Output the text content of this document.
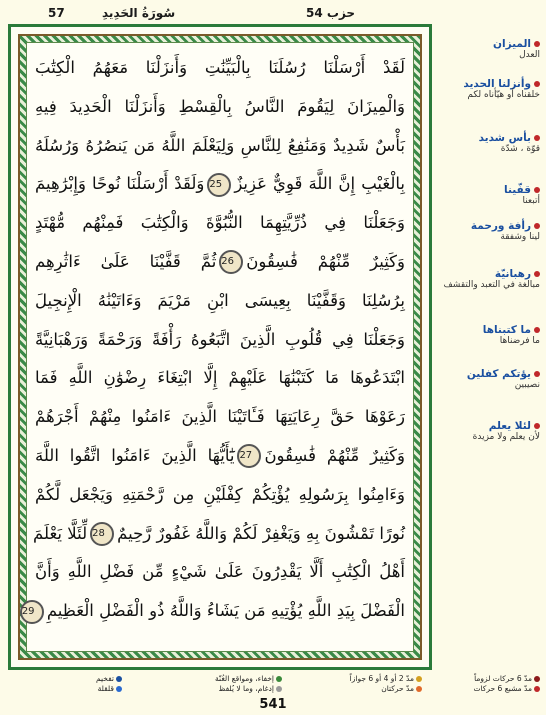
57	سُورَةُ الحَدِيدِ	حزب 54
لَقَدْ أَرْسَلْنَا رُسُلَنَا بِالْبَيِّنَٰتِ وَأَنزَلْنَا مَعَهُمُ الْكِتَٰبَ
وَالْمِيزَانَ لِيَقُومَ النَّاسُ بِالْقِسْطِ وَأَنزَلْنَا الْحَدِيدَ فِيهِ
بَأْسٌ شَدِيدٌ وَمَنَٰفِعُ لِلنَّاسِ وَلِيَعْلَمَ اللَّهُ مَن يَنصُرُهُ وَرُسُلَهُ
بِالْغَيْبِ إِنَّ اللَّهَ قَوِيٌّ عَزِيزٌ25وَلَقَدْ أَرْسَلْنَا نُوحًا وَإِبْرَٰهِيمَ
وَجَعَلْنَا فِي ذُرِّيَّتِهِمَا النُّبُوَّةَ وَالْكِتَٰبَ فَمِنْهُم مُّهْتَدٍ
وَكَثِيرٌ مِّنْهُمْ فَٰسِقُونَ26ثُمَّ قَفَّيْنَا عَلَىٰ ءَاثَٰرِهِم
بِرُسُلِنَا وَقَفَّيْنَا بِعِيسَى ابْنِ مَرْيَمَ وَءَاتَيْنَٰهُ الْإِنجِيلَ
وَجَعَلْنَا فِي قُلُوبِ الَّذِينَ اتَّبَعُوهُ رَأْفَةً وَرَحْمَةً وَرَهْبَانِيَّةً
ابْتَدَعُوهَا مَا كَتَبْنَٰهَا عَلَيْهِمْ إِلَّا ابْتِغَاءَ رِضْوَٰنِ اللَّهِ فَمَا
رَعَوْهَا حَقَّ رِعَايَتِهَا فَـَٔاتَيْنَا الَّذِينَ ءَامَنُوا مِنْهُمْ أَجْرَهُمْ
وَكَثِيرٌ مِّنْهُمْ فَٰسِقُونَ27يَٰٓأَيُّهَا الَّذِينَ ءَامَنُوا اتَّقُوا اللَّهَ
وَءَامِنُوا بِرَسُولِهِ يُؤْتِكُمْ كِفْلَيْنِ مِن رَّحْمَتِهِ وَيَجْعَل لَّكُمْ
نُورًا تَمْشُونَ بِهِ وَيَغْفِرْ لَكُمْ وَاللَّهُ غَفُورٌ رَّحِيمٌ28لِّئَلَّا يَعْلَمَ
أَهْلُ الْكِتَٰبِ أَلَّا يَقْدِرُونَ عَلَىٰ شَيْءٍ مِّن فَضْلِ اللَّهِ وَأَنَّ
الْفَضْلَ بِيَدِ اللَّهِ يُؤْتِيهِ مَن يَشَاءُ وَاللَّهُ ذُو الْفَضْلِ الْعَظِيمِ29
الميزان
العدل
وأنزلنا الحديد
خلقناه أو هيّأناه لكم
بأس شديد
قوّة ، شدّة
قفّينا
أتبعنا
رأفة ورحمة
لينا وشفقة
رهبانيّة
مبالغة في التعبد والتقشف
ما كتبناها
ما فرضناها
يؤتكم كفلين
نصيبين
لئلا يعلم
لأن يعلم ولا مزيدة
مدّ 6 حركات لزوماً
مدّ 2 أو 4 أو 6 جوازاً
إخفاء، ومواقع الغُنّة
تفخيم
مدّ مشبع 6 حركات
مدّ حركتان
إدغام، وما لا يُلفظ
قلقلة
541
